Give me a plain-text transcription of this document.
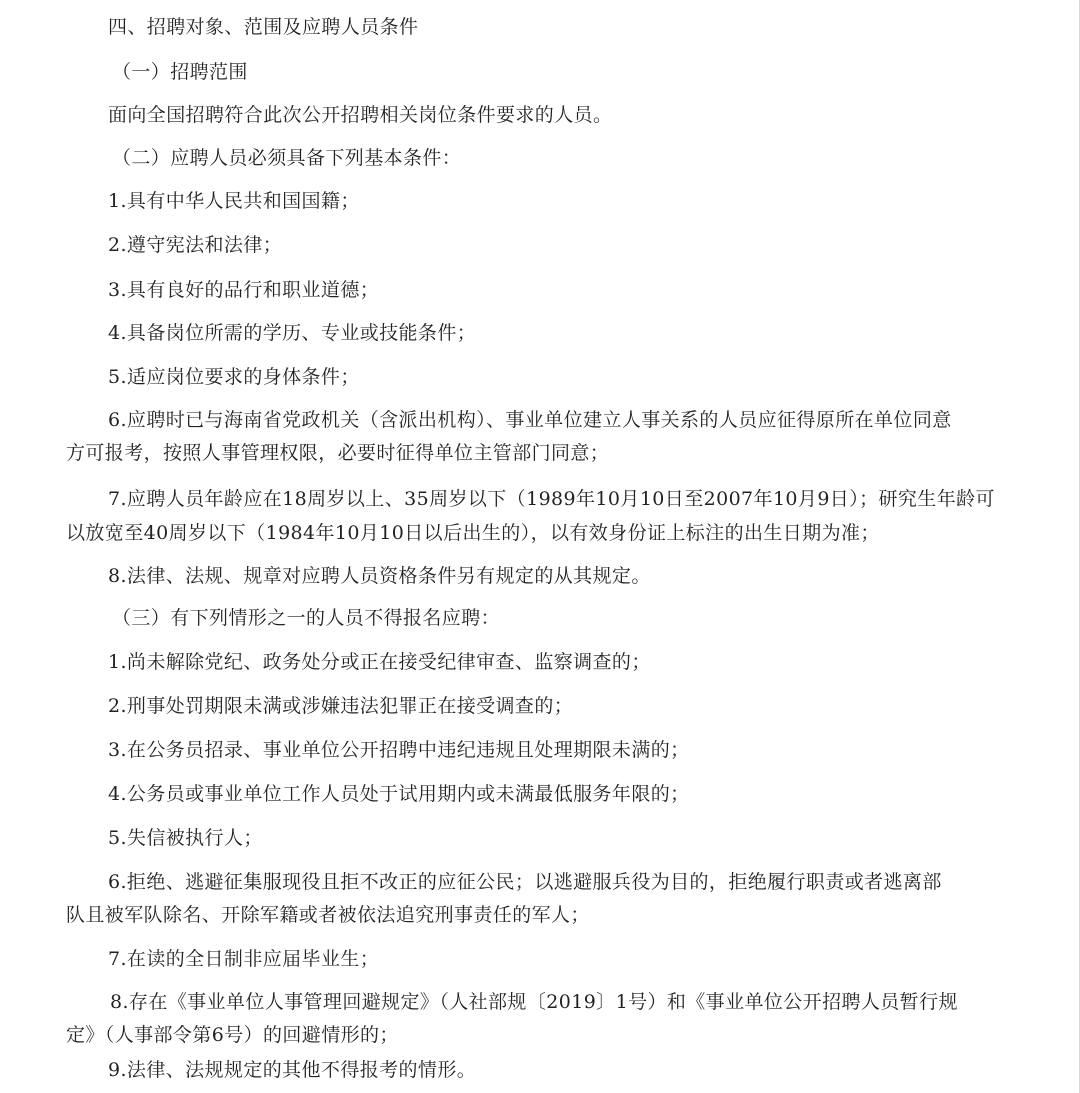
四、招聘对象、范围及应聘人员条件
（一）招聘范围
面向全国招聘符合此次公开招聘相关岗位条件要求的人员。
（二）应聘人员必须具备下列基本条件：
1.具有中华人民共和国国籍；
2.遵守宪法和法律；
3.具有良好的品行和职业道德；
4.具备岗位所需的学历、专业或技能条件；
5.适应岗位要求的身体条件；
6.应聘时已与海南省党政机关（含派出机构）、事业单位建立人事关系的人员应征得原所在单位同意
方可报考，按照人事管理权限，必要时征得单位主管部门同意；
7.应聘人员年龄应在18周岁以上、35周岁以下（1989年10月10日至2007年10月9日）；研究生年龄可
以放宽至40周岁以下（1984年10月10日以后出生的），以有效身份证上标注的出生日期为准；
8.法律、法规、规章对应聘人员资格条件另有规定的从其规定。
（三）有下列情形之一的人员不得报名应聘：
1.尚未解除党纪、政务处分或正在接受纪律审查、监察调查的；
2.刑事处罚期限未满或涉嫌违法犯罪正在接受调查的；
3.在公务员招录、事业单位公开招聘中违纪违规且处理期限未满的；
4.公务员或事业单位工作人员处于试用期内或未满最低服务年限的；
5.失信被执行人；
6.拒绝、逃避征集服现役且拒不改正的应征公民；以逃避服兵役为目的，拒绝履行职责或者逃离部
队且被军队除名、开除军籍或者被依法追究刑事责任的军人；
7.在读的全日制非应届毕业生；
8.存在《事业单位人事管理回避规定》（人社部规〔2019〕1号）和《事业单位公开招聘人员暂行规
定》（人事部令第6号）的回避情形的；
9.法律、法规规定的其他不得报考的情形。
